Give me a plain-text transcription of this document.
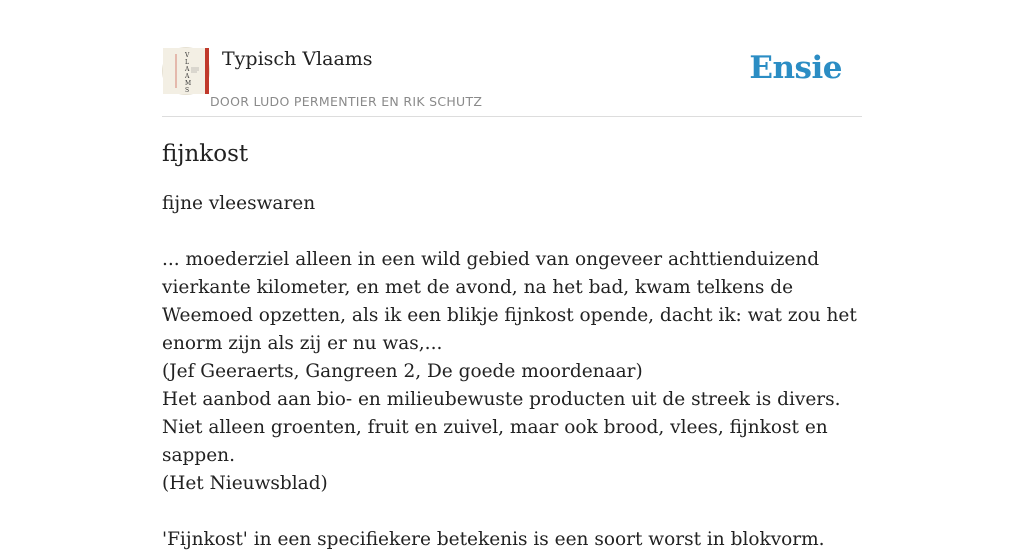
V
L
A
A
M
S
Typisch Vlaams
DOOR LUDO PERMENTIER EN RIK SCHUTZ
Ensie
fijnkost

fijne vleeswaren

... moederziel alleen in een wild gebied van ongeveer achttienduizend vierkante kilometer, en met de avond, na het bad, kwam telkens de Weemoed opzetten, als ik een blikje fijnkost opende, dacht ik: wat zou het enorm zijn als zij er nu was,...

(Jef Geeraerts, Gangreen 2, De goede moordenaar)

Het aanbod aan bio- en milieubewuste producten uit de streek is divers. Niet alleen groenten, fruit en zuivel, maar ook brood, vlees, fijnkost en sappen.

(Het Nieuwsblad)

'Fijnkost' in een specifiekere betekenis is een soort worst in blokvorm.
